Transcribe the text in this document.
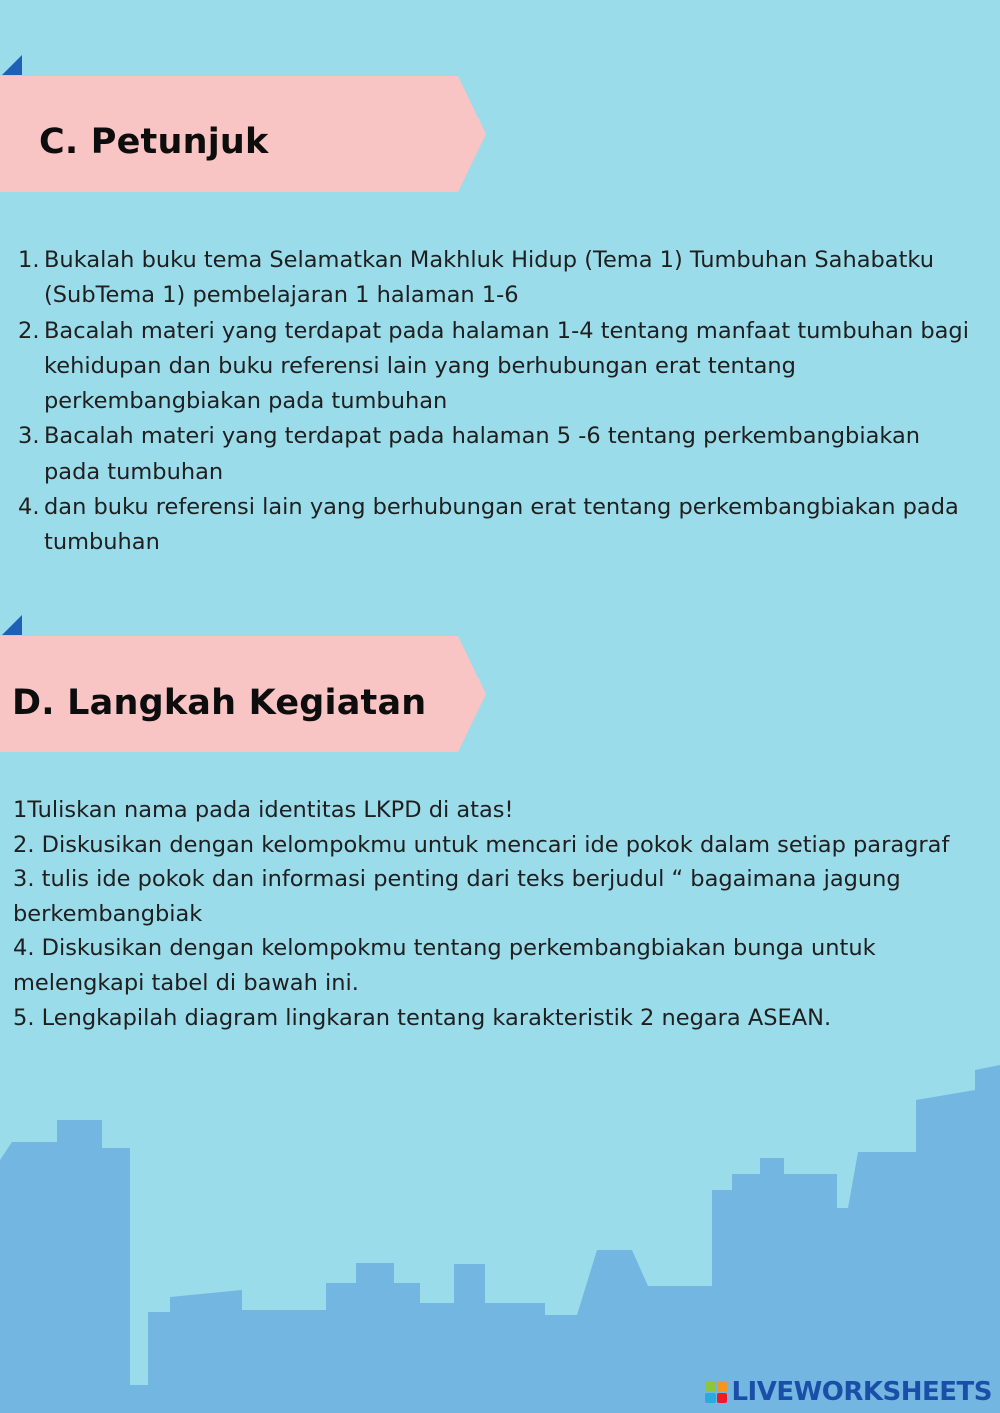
C. Petunjuk
1. Bukalah buku tema Selamatkan Makhluk Hidup (Tema 1) Tumbuhan Sahabatku
(SubTema 1) pembelajaran 1 halaman 1-6
2. Bacalah materi yang terdapat pada halaman 1-4 tentang manfaat tumbuhan bagi
kehidupan dan buku referensi lain yang berhubungan erat tentang
perkembangbiakan pada tumbuhan
3. Bacalah materi yang terdapat pada halaman 5 -6 tentang perkembangbiakan
pada tumbuhan
4. dan buku referensi lain yang berhubungan erat tentang perkembangbiakan pada
tumbuhan
D. Langkah Kegiatan
1Tuliskan nama pada identitas LKPD di atas!
2. Diskusikan dengan kelompokmu untuk mencari ide pokok dalam setiap paragraf
3. tulis ide pokok dan informasi penting dari teks berjudul “ bagaimana jagung
berkembangbiak
4. Diskusikan dengan kelompokmu tentang perkembangbiakan bunga untuk
melengkapi tabel di bawah ini.
5. Lengkapilah diagram lingkaran tentang karakteristik 2 negara ASEAN.
LIVEWORKSHEETS
